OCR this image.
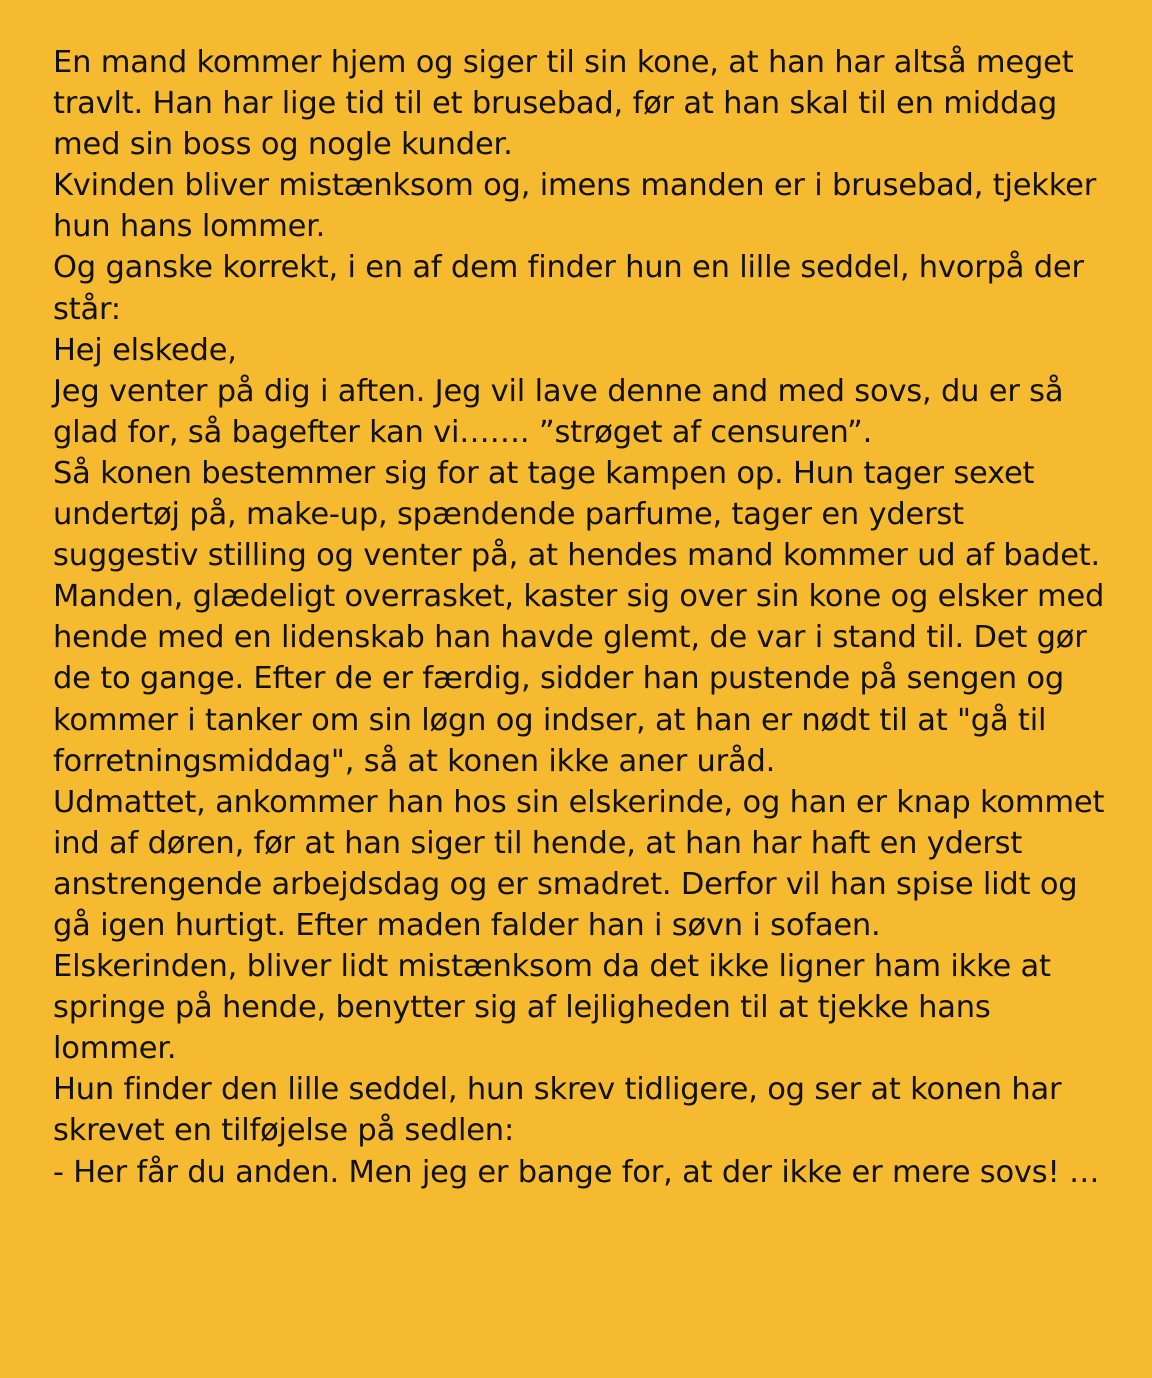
En mand kommer hjem og siger til sin kone, at han har altså meget travlt. Han har lige tid til et brusebad, før at han skal til en middag med sin boss og nogle kunder.

Kvinden bliver mistænksom og, imens manden er i brusebad, tjekker hun hans lommer.

Og ganske korrekt, i en af dem finder hun en lille seddel, hvorpå der står:

Hej elskede,

Jeg venter på dig i aften. Jeg vil lave denne and med sovs, du er så glad for, så bagefter kan vi……. ”strøget af censuren”.

Så konen bestemmer sig for at tage kampen op. Hun tager sexet undertøj på, make-up, spændende parfume, tager en yderst suggestiv stilling og venter på, at hendes mand kommer ud af badet. Manden, glædeligt overrasket, kaster sig over sin kone og elsker med hende med en lidenskab han havde glemt, de var i stand til. Det gør de to gange. Efter de er færdig, sidder han pustende på sengen og kommer i tanker om sin løgn og indser, at han er nødt til at "gå til forretningsmiddag", så at konen ikke aner uråd.

Udmattet, ankommer han hos sin elskerinde, og han er knap kommet ind af døren, før at han siger til hende, at han har haft en yderst anstrengende arbejdsdag og er smadret. Derfor vil han spise lidt og gå igen hurtigt. Efter maden falder han i søvn i sofaen.

Elskerinden, bliver lidt mistænksom da det ikke ligner ham ikke at springe på hende, benytter sig af lejligheden til at tjekke hans lommer.

Hun finder den lille seddel, hun skrev tidligere, og ser at konen har skrevet en tilføjelse på sedlen:

- Her får du anden. Men jeg er bange for, at der ikke er mere sovs! …
